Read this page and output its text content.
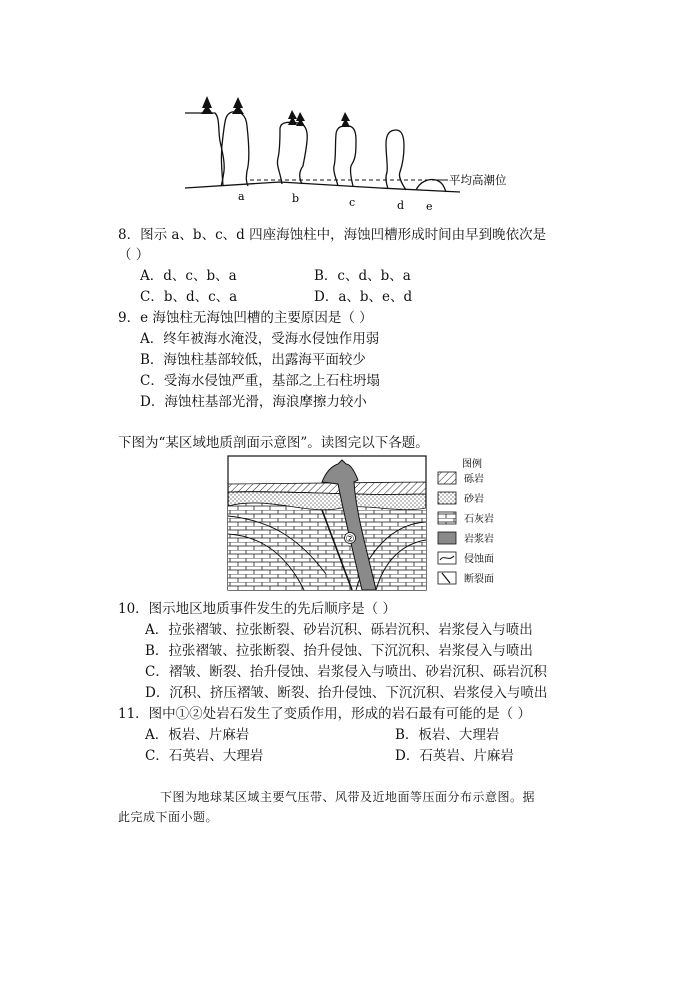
平均高潮位
a	b	c	d e
8．图示 a、b、c、d 四座海蚀柱中，海蚀凹槽形成时间由早到晚依次是
（ ）
A．d、c、b、a	B．c、d、b、a
C．b、d、c、a	D．a、b、e、d
9．e 海蚀柱无海蚀凹槽的主要原因是（ ）
A．终年被海水淹没，受海水侵蚀作用弱
B．海蚀柱基部较低，出露海平面较少
C．受海水侵蚀严重，基部之上石柱坍塌
D．海蚀柱基部光滑，海浪摩擦力较小
下图为“某区域地质剖面示意图”。读图完以下各题。
②
图例
砾岩
砂岩
石灰岩
岩浆岩
侵蚀面
断裂面
10．图示地区地质事件发生的先后顺序是（ ）
A．拉张褶皱、拉张断裂、砂岩沉积、砾岩沉积、岩浆侵入与喷出
B．拉张褶皱、拉张断裂、抬升侵蚀、下沉沉积、岩浆侵入与喷出
C．褶皱、断裂、抬升侵蚀、岩浆侵入与喷出、砂岩沉积、砾岩沉积
D．沉积、挤压褶皱、断裂、抬升侵蚀、下沉沉积、岩浆侵入与喷出
11．图中①②处岩石发生了变质作用，形成的岩石最有可能的是（ ）
A．板岩、片麻岩	B．板岩、大理岩
C．石英岩、大理岩	D．石英岩、片麻岩
下图为地球某区域主要气压带、风带及近地面等压面分布示意图。据
此完成下面小题。
